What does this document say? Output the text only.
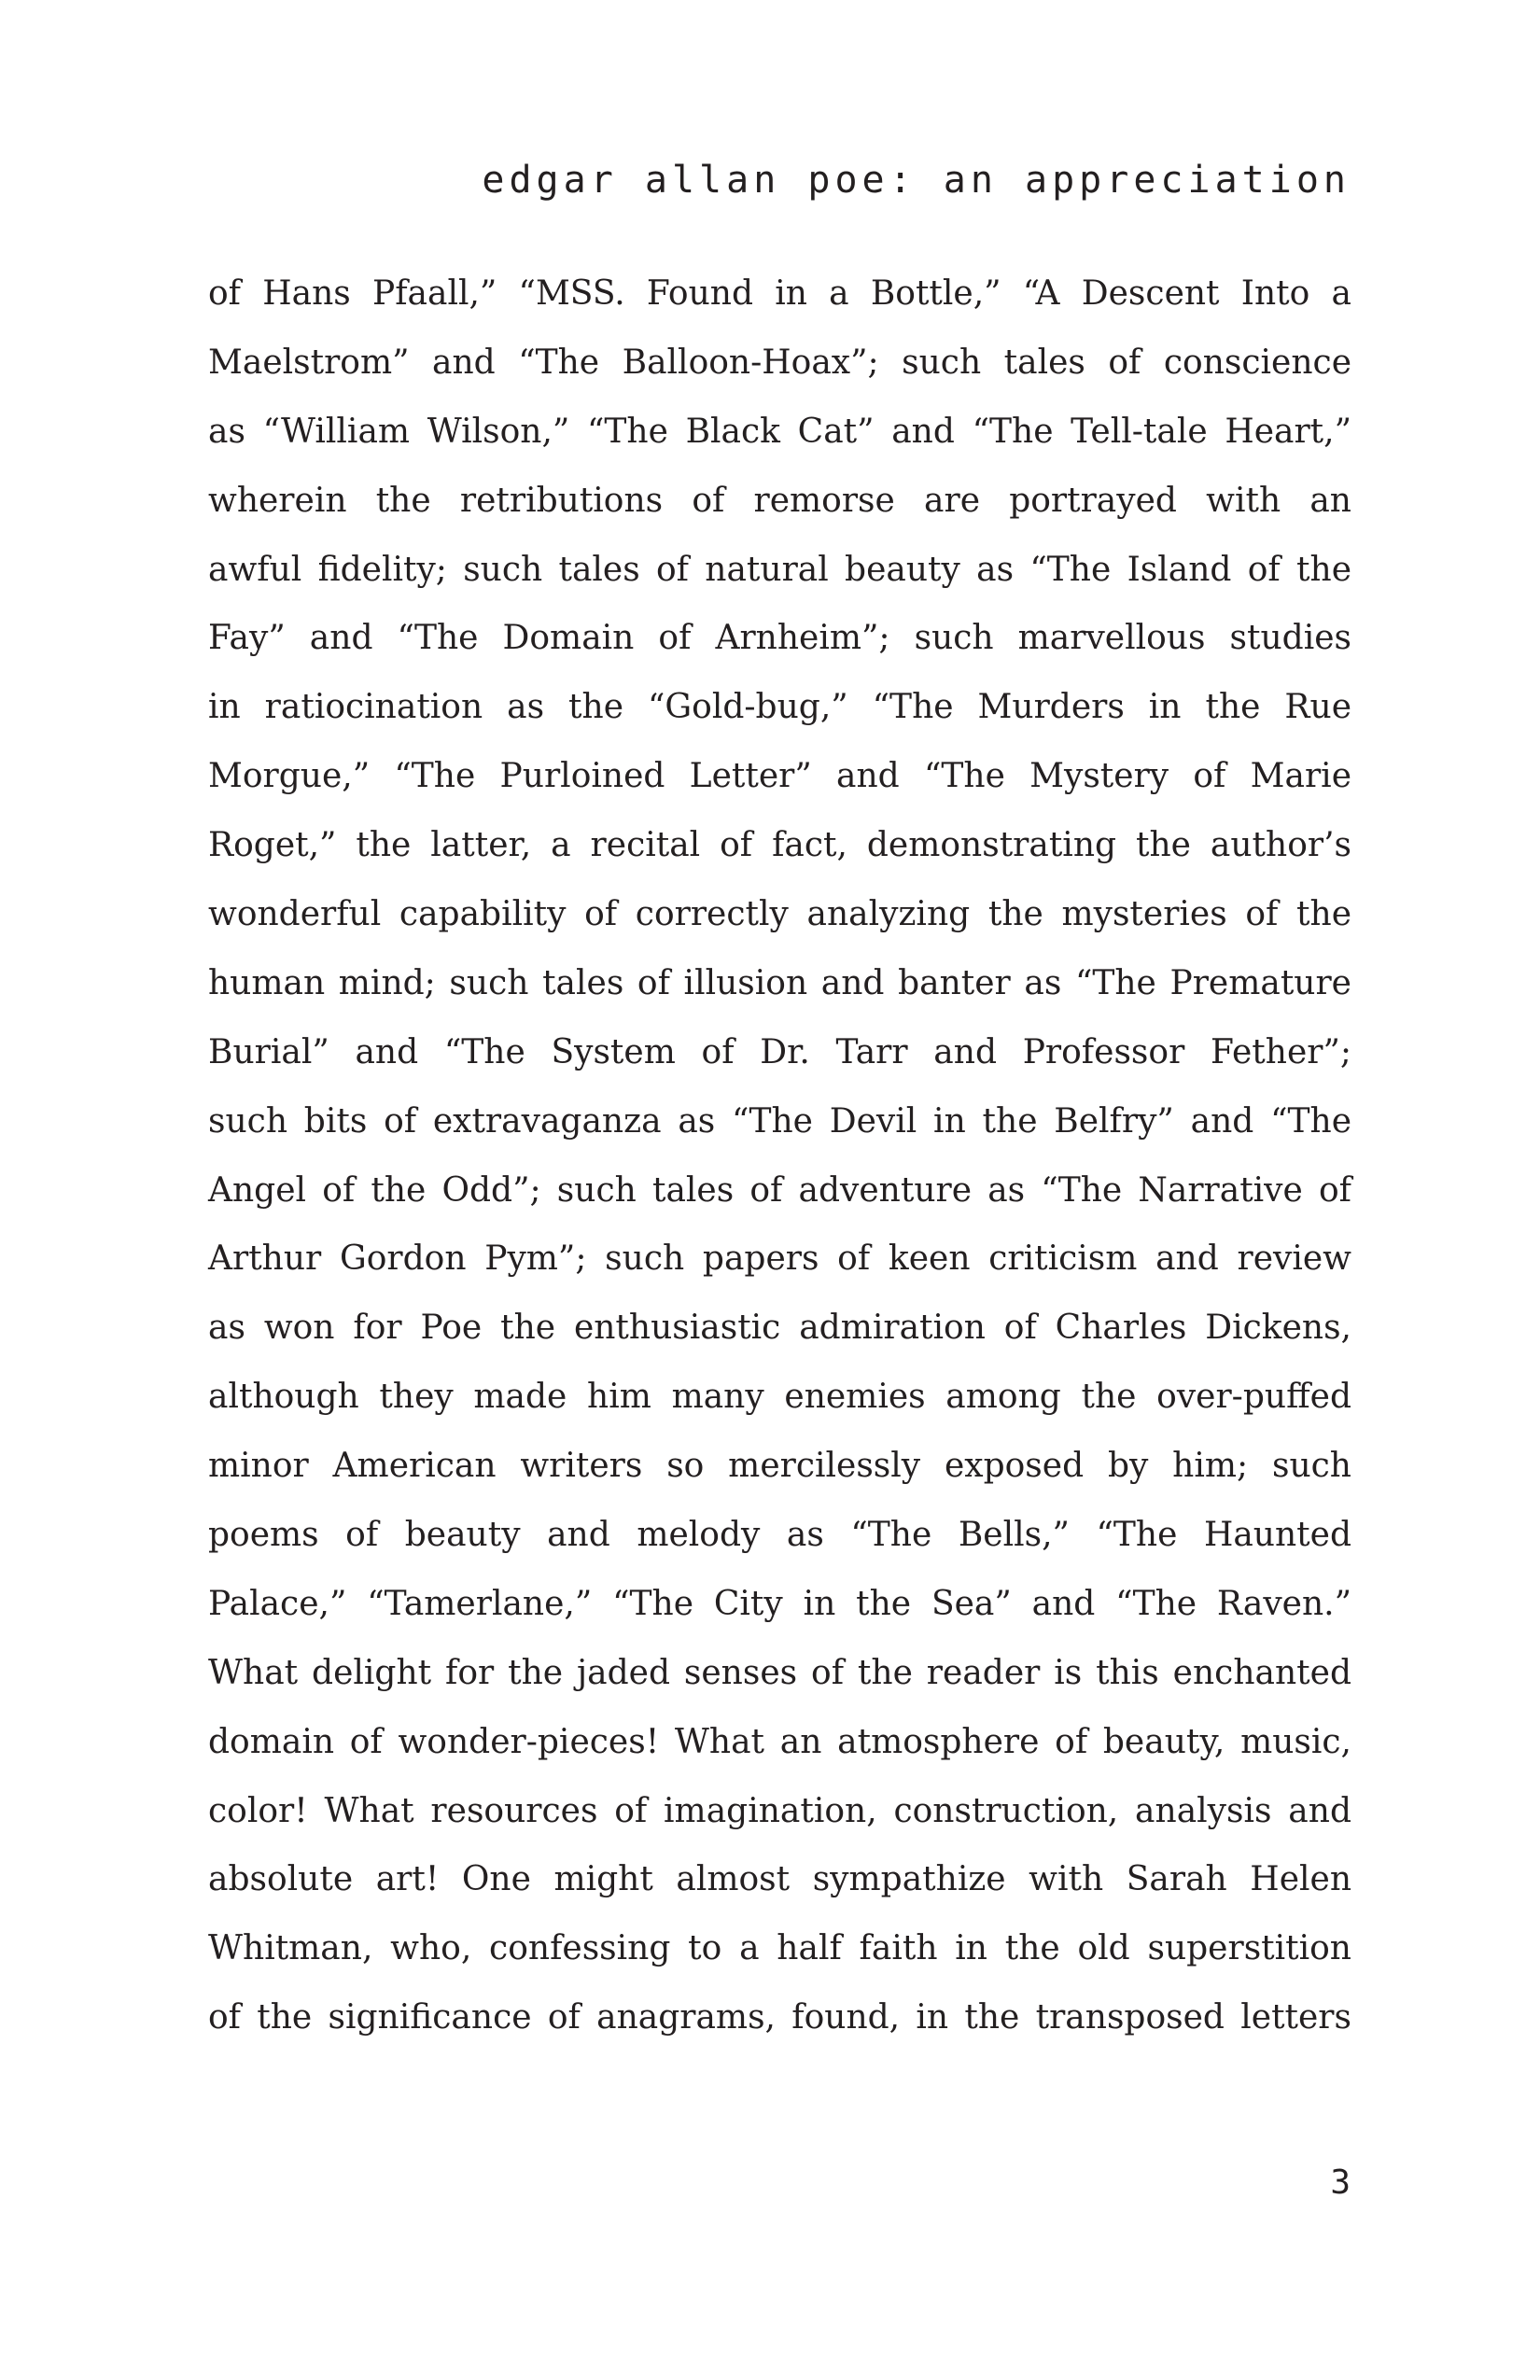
edgar allan poe: an appreciation
of Hans Pfaall,” “MSS. Found in a Bottle,” “A Descent Into a
Maelstrom” and “The Balloon-Hoax”; such tales of conscience
as “William Wilson,” “The Black Cat” and “The Tell-tale Heart,”
wherein the retributions of remorse are portrayed with an
awful fidelity; such tales of natural beauty as “The Island of the
Fay” and “The Domain of Arnheim”; such marvellous studies
in ratiocination as the “Gold-bug,” “The Murders in the Rue
Morgue,” “The Purloined Letter” and “The Mystery of Marie
Roget,” the latter, a recital of fact, demonstrating the author’s
wonderful capability of correctly analyzing the mysteries of the
human mind; such tales of illusion and banter as “The Premature
Burial” and “The System of Dr. Tarr and Professor Fether”;
such bits of extravaganza as “The Devil in the Belfry” and “The
Angel of the Odd”; such tales of adventure as “The Narrative of
Arthur Gordon Pym”; such papers of keen criticism and review
as won for Poe the enthusiastic admiration of Charles Dickens,
although they made him many enemies among the over-puffed
minor American writers so mercilessly exposed by him; such
poems of beauty and melody as “The Bells,” “The Haunted
Palace,” “Tamerlane,” “The City in the Sea” and “The Raven.”
What delight for the jaded senses of the reader is this enchanted
domain of wonder-pieces! What an atmosphere of beauty, music,
color! What resources of imagination, construction, analysis and
absolute art! One might almost sympathize with Sarah Helen
Whitman, who, confessing to a half faith in the old superstition
of the significance of anagrams, found, in the transposed letters
3
